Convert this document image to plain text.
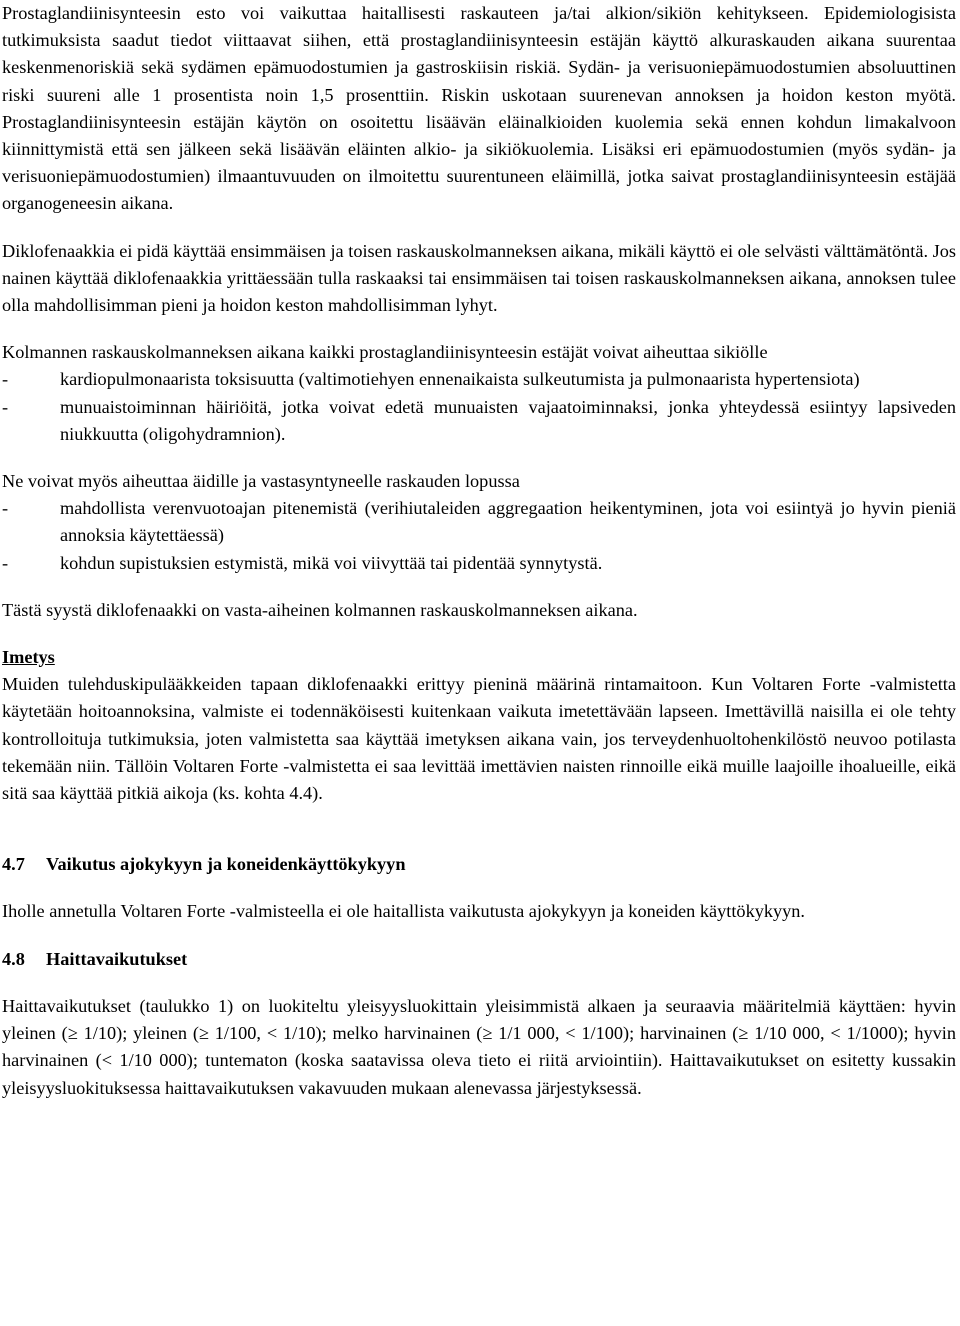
Prostaglandiinisynteesin esto voi vaikuttaa haitallisesti raskauteen ja/tai alkion/sikiön kehitykseen. Epidemiologisista tutkimuksista saadut tiedot viittaavat siihen, että prostaglandiinisynteesin estäjän käyttö alkuraskauden aikana suurentaa keskenmenoriskiä sekä sydämen epämuodostumien ja gastroskiisin riskiä. Sydän- ja verisuoniepämuodostumien absoluuttinen riski suureni alle 1 prosentista noin 1,5 prosenttiin. Riskin uskotaan suurenevan annoksen ja hoidon keston myötä. Prostaglandiinisynteesin estäjän käytön on osoitettu lisäävän eläinalkioiden kuolemia sekä ennen kohdun limakalvoon kiinnittymistä että sen jälkeen sekä lisäävän eläinten alkio- ja sikiökuolemia. Lisäksi eri epämuodostumien (myös sydän- ja verisuoniepämuodostumien) ilmaantuvuuden on ilmoitettu suurentuneen eläimillä, jotka saivat prostaglandiinisynteesin estäjää organogeneesin aikana.

Diklofenaakkia ei pidä käyttää ensimmäisen ja toisen raskauskolmanneksen aikana, mikäli käyttö ei ole selvästi välttämätöntä. Jos nainen käyttää diklofenaakkia yrittäessään tulla raskaaksi tai ensimmäisen tai toisen raskauskolmanneksen aikana, annoksen tulee olla mahdollisimman pieni ja hoidon keston mahdollisimman lyhyt.

Kolmannen raskauskolmanneksen aikana kaikki prostaglandiinisynteesin estäjät voivat aiheuttaa sikiölle

-	kardiopulmonaarista toksisuutta (valtimotiehyen ennenaikaista sulkeutumista ja pulmonaarista hypertensiota)
-	munuaistoiminnan häiriöitä, jotka voivat edetä munuaisten vajaatoiminnaksi, jonka yhteydessä esiintyy lapsiveden niukkuutta (oligohydramnion).

Ne voivat myös aiheuttaa äidille ja vastasyntyneelle raskauden lopussa

-	mahdollista verenvuotoajan pitenemistä (verihiutaleiden aggregaation heikentyminen, jota voi esiintyä jo hyvin pieniä annoksia käytettäessä)
-	kohdun supistuksien estymistä, mikä voi viivyttää tai pidentää synnytystä.

Tästä syystä diklofenaakki on vasta-aiheinen kolmannen raskauskolmanneksen aikana.

Imetys

Muiden tulehduskipulääkkeiden tapaan diklofenaakki erittyy pieninä määrinä rintamaitoon. Kun Voltaren Forte -valmistetta käytetään hoitoannoksina, valmiste ei todennäköisesti kuitenkaan vaikuta imetettävään lapseen. Imettävillä naisilla ei ole tehty kontrolloituja tutkimuksia, joten valmistetta saa käyttää imetyksen aikana vain, jos terveydenhuoltohenkilöstö neuvoo potilasta tekemään niin. Tällöin Voltaren Forte -valmistetta ei saa levittää imettävien naisten rinnoille eikä muille laajoille ihoalueille, eikä sitä saa käyttää pitkiä aikoja (ks. kohta 4.4).

4.7 Vaikutus ajokykyyn ja koneidenkäyttökykyyn

Iholle annetulla Voltaren Forte -valmisteella ei ole haitallista vaikutusta ajokykyyn ja koneiden käyttökykyyn.

4.8 Haittavaikutukset

Haittavaikutukset (taulukko 1) on luokiteltu yleisyysluokittain yleisimmistä alkaen ja seuraavia määritelmiä käyttäen: hyvin yleinen (≥ 1/10); yleinen (≥ 1/100, < 1/10); melko harvinainen (≥ 1/1 000, < 1/100); harvinainen (≥ 1/10 000, < 1/1000); hyvin harvinainen (< 1/10 000); tuntematon (koska saatavissa oleva tieto ei riitä arviointiin). Haittavaikutukset on esitetty kussakin yleisyysluokituksessa haittavaikutuksen vakavuuden mukaan alenevassa järjestyksessä.
